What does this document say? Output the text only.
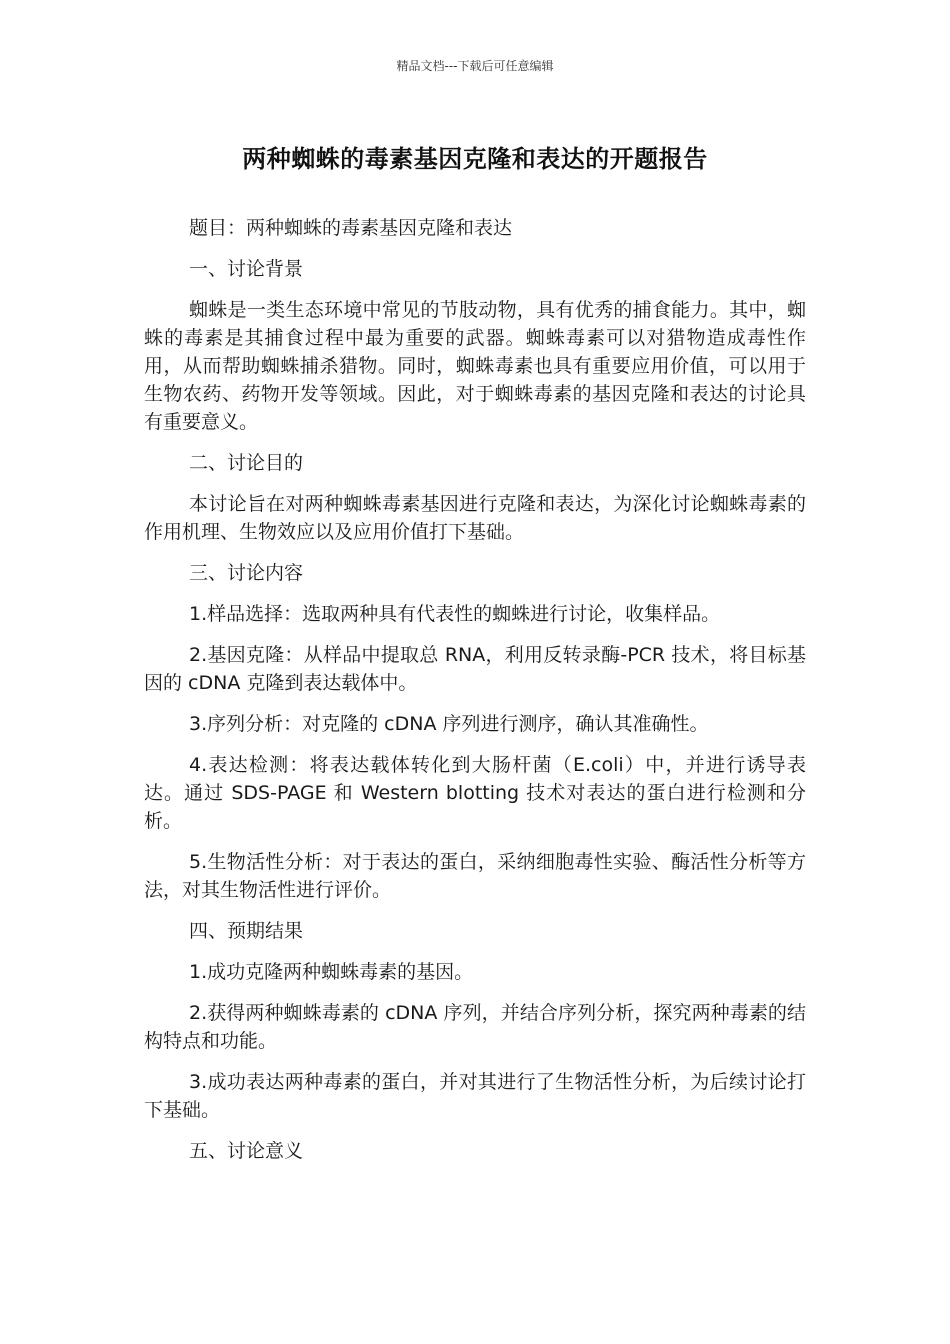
精品文档---下载后可任意编辑
两种蜘蛛的毒素基因克隆和表达的开题报告

题目：两种蜘蛛的毒素基因克隆和表达

一、讨论背景

蜘蛛是一类生态环境中常见的节肢动物，具有优秀的捕食能力。其中，蜘蛛的毒素是其捕食过程中最为重要的武器。蜘蛛毒素可以对猎物造成毒性作用，从而帮助蜘蛛捕杀猎物。同时，蜘蛛毒素也具有重要应用价值，可以用于生物农药、药物开发等领域。因此，对于蜘蛛毒素的基因克隆和表达的讨论具有重要意义。

二、讨论目的

本讨论旨在对两种蜘蛛毒素基因进行克隆和表达，为深化讨论蜘蛛毒素的作用机理、生物效应以及应用价值打下基础。

三、讨论内容

1.样品选择：选取两种具有代表性的蜘蛛进行讨论，收集样品。

2.基因克隆：从样品中提取总 RNA，利用反转录酶-PCR 技术，将目标基因的 cDNA 克隆到表达载体中。

3.序列分析：对克隆的 cDNA 序列进行测序，确认其准确性。

4.表达检测：将表达载体转化到大肠杆菌（E.coli）中，并进行诱导表达。通过 SDS-PAGE 和 Western blotting 技术对表达的蛋白进行检测和分析。

5.生物活性分析：对于表达的蛋白，采纳细胞毒性实验、酶活性分析等方法，对其生物活性进行评价。

四、预期结果

1.成功克隆两种蜘蛛毒素的基因。

2.获得两种蜘蛛毒素的 cDNA 序列，并结合序列分析，探究两种毒素的结构特点和功能。

3.成功表达两种毒素的蛋白，并对其进行了生物活性分析，为后续讨论打下基础。

五、讨论意义
